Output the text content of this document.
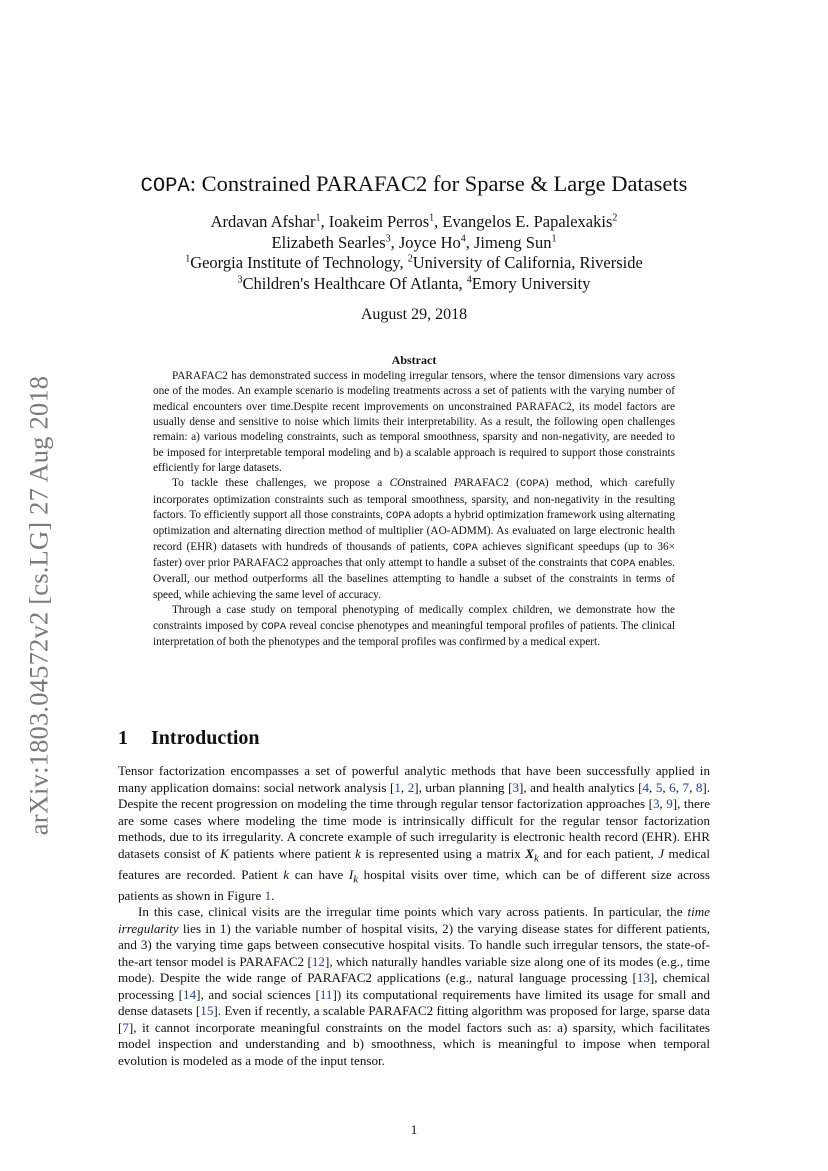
arXiv:1803.04572v2 [cs.LG] 27 Aug 2018
COPA: Constrained PARAFAC2 for Sparse & Large Datasets
Ardavan Afshar$^1$, Ioakeim Perros$^1$, Evangelos E. Papalexakis$^2$
Elizabeth Searles$^3$, Joyce Ho$^4$, Jimeng Sun$^1$
$^1$Georgia Institute of Technology, $^2$University of California, Riverside
$^3$Children's Healthcare Of Atlanta, $^4$Emory University
August 29, 2018
Abstract

PARAFAC2 has demonstrated success in modeling irregular tensors, where the tensor dimensions vary across one of the modes. An example scenario is modeling treatments across a set of patients with the varying number of medical encounters over time.Despite recent improvements on unconstrained PARAFAC2, its model factors are usually dense and sensitive to noise which limits their interpretability. As a result, the following open challenges remain: a) various modeling constraints, such as temporal smoothness, sparsity and non-negativity, are needed to be imposed for interpretable temporal modeling and b) a scalable approach is required to support those constraints efficiently for large datasets.

To tackle these challenges, we propose a COnstrained PARAFAC2 (COPA) method, which carefully incorporates optimization constraints such as temporal smoothness, sparsity, and non-negativity in the resulting factors. To efficiently support all those constraints, COPA adopts a hybrid optimization framework using alternating optimization and alternating direction method of multiplier (AO-ADMM). As evaluated on large electronic health record (EHR) datasets with hundreds of thousands of patients, COPA achieves significant speedups (up to 36× faster) over prior PARAFAC2 approaches that only attempt to handle a subset of the constraints that COPA enables. Overall, our method outperforms all the baselines attempting to handle a subset of the constraints in terms of speed, while achieving the same level of accuracy.

Through a case study on temporal phenotyping of medically complex children, we demonstrate how the constraints imposed by COPA reveal concise phenotypes and meaningful temporal profiles of patients. The clinical interpretation of both the phenotypes and the temporal profiles was confirmed by a medical expert.

1 Introduction

Tensor factorization encompasses a set of powerful analytic methods that have been successfully applied in many application domains: social network analysis [1, 2], urban planning [3], and health analytics [4, 5, 6, 7, 8]. Despite the recent progression on modeling the time through regular tensor factorization approaches [3, 9], there are some cases where modeling the time mode is intrinsically difficult for the regular tensor factorization methods, due to its irregularity. A concrete example of such irregularity is electronic health record (EHR). EHR datasets consist of K patients where patient k is represented using a matrix $X_k$ and for each patient, J medical features are recorded. Patient k can have $I_k$ hospital visits over time, which can be of different size across patients as shown in Figure 1.

In this case, clinical visits are the irregular time points which vary across patients. In particular, the time irregularity lies in 1) the variable number of hospital visits, 2) the varying disease states for different patients, and 3) the varying time gaps between consecutive hospital visits. To handle such irregular tensors, the state-of-the-art tensor model is PARAFAC2 [12], which naturally handles variable size along one of its modes (e.g., time mode). Despite the wide range of PARAFAC2 applications (e.g., natural language processing [13], chemical processing [14], and social sciences [11]) its computational requirements have limited its usage for small and dense datasets [15]. Even if recently, a scalable PARAFAC2 fitting algorithm was proposed for large, sparse data [7], it cannot incorporate meaningful constraints on the model factors such as: a) sparsity, which facilitates model inspection and understanding and b) smoothness, which is meaningful to impose when temporal evolution is modeled as a mode of the input tensor.

1
